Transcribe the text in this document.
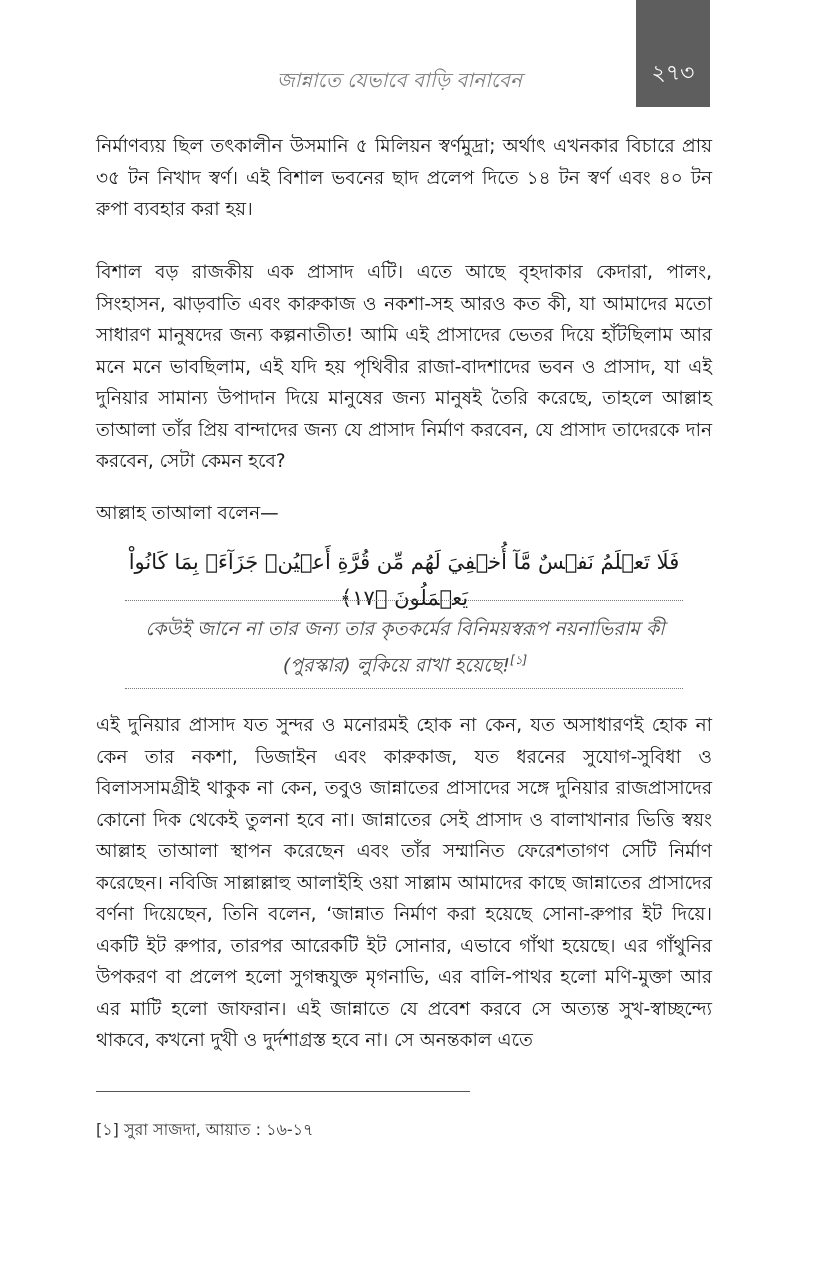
২৭৩
জান্নাতে যেভাবে বাড়ি বানাবেন

নির্মাণব্যয় ছিল তৎকালীন উসমানি ৫ মিলিয়ন স্বর্ণমুদ্রা; অর্থাৎ এখনকার বিচারে প্রায় ৩৫ টন নিখাদ স্বর্ণ। এই বিশাল ভবনের ছাদ প্রলেপ দিতে ১৪ টন স্বর্ণ এবং ৪০ টন রুপা ব্যবহার করা হয়।

বিশাল বড় রাজকীয় এক প্রাসাদ এটি। এতে আছে বৃহদাকার কেদারা, পালং, সিংহাসন, ঝাড়বাতি এবং কারুকাজ ও নকশা-সহ আরও কত কী, যা আমাদের মতো সাধারণ মানুষদের জন্য কল্পনাতীত! আমি এই প্রাসাদের ভেতর দিয়ে হাঁটছিলাম আর মনে মনে ভাবছিলাম, এই যদি হয় পৃথিবীর রাজা-বাদশাদের ভবন ও প্রাসাদ, যা এই দুনিয়ার সামান্য উপাদান দিয়ে মানুষের জন্য মানুষই তৈরি করেছে, তাহলে আল্লাহ তাআলা তাঁর প্রিয় বান্দাদের জন্য যে প্রাসাদ নির্মাণ করবেন, যে প্রাসাদ তাদেরকে দান করবেন, সেটা কেমন হবে?

আল্লাহ তাআলা বলেন—

فَلَا تَعۡلَمُ نَفۡسٌ مَّآ أُخۡفِيَ لَهُم مِّن قُرَّةِ أَعۡيُنٖ جَزَآءَۢ بِمَا كَانُواْ يَعۡمَلُونَ ﴿١٧﴾
কেউই জানে না তার জন্য তার কৃতকর্মের বিনিময়স্বরূপ নয়নাভিরাম কী (পুরস্কার) লুকিয়ে রাখা হয়েছে![১]

এই দুনিয়ার প্রাসাদ যত সুন্দর ও মনোরমই হোক না কেন, যত অসাধারণই হোক না কেন তার নকশা, ডিজাইন এবং কারুকাজ, যত ধরনের সুযোগ-সুবিধা ও বিলাসসামগ্রীই থাকুক না কেন, তবুও জান্নাতের প্রাসাদের সঙ্গে দুনিয়ার রাজপ্রাসাদের কোনো দিক থেকেই তুলনা হবে না। জান্নাতের সেই প্রাসাদ ও বালাখানার ভিত্তি স্বয়ং আল্লাহ তাআলা স্থাপন করেছেন এবং তাঁর সম্মানিত ফেরেশতাগণ সেটি নির্মাণ করেছেন। নবিজি সাল্লাল্লাহু আলাইহি ওয়া সাল্লাম আমাদের কাছে জান্নাতের প্রাসাদের বর্ণনা দিয়েছেন, তিনি বলেন, ‘জান্নাত নির্মাণ করা হয়েছে সোনা-রুপার ইট দিয়ে। একটি ইট রুপার, তারপর আরেকটি ইট সোনার, এভাবে গাঁথা হয়েছে। এর গাঁথুনির উপকরণ বা প্রলেপ হলো সুগন্ধযুক্ত মৃগনাভি, এর বালি-পাথর হলো মণি-মুক্তা আর এর মাটি হলো জাফরান। এই জান্নাতে যে প্রবেশ করবে সে অত্যন্ত সুখ-স্বাচ্ছন্দ্যে থাকবে, কখনো দুখী ও দুর্দশাগ্রস্ত হবে না। সে অনন্তকাল এতে

[১] সুরা সাজদা, আয়াত : ১৬-১৭
